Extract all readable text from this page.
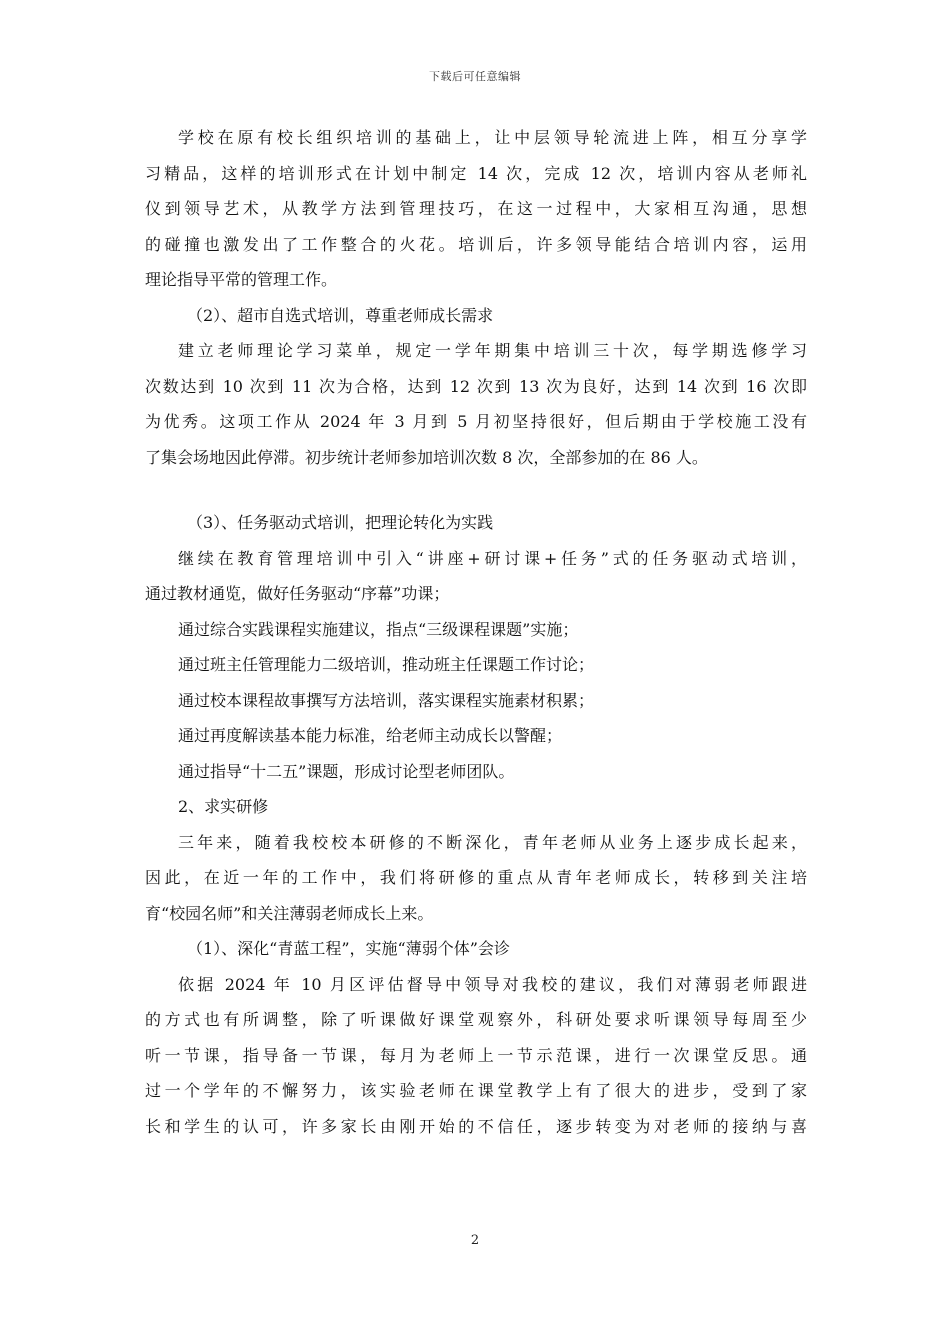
下载后可任意编辑
学校在原有校长组织培训的基础上，让中层领导轮流进上阵，相互分享学
习精品，这样的培训形式在计划中制定 14 次，完成 12 次，培训内容从老师礼
仪到领导艺术，从教学方法到管理技巧，在这一过程中，大家相互沟通，思想
的碰撞也激发出了工作整合的火花。培训后，许多领导能结合培训内容，运用
理论指导平常的管理工作。
（2）、超市自选式培训，尊重老师成长需求
建立老师理论学习菜单，规定一学年期集中培训三十次，每学期选修学习
次数达到 10 次到 11 次为合格，达到 12 次到 13 次为良好，达到 14 次到 16 次即
为优秀。这项工作从 2024 年 3 月到 5 月初坚持很好，但后期由于学校施工没有
了集会场地因此停滞。初步统计老师参加培训次数 8 次，全部参加的在 86 人。
（3）、任务驱动式培训，把理论转化为实践
继续在教育管理培训中引入“讲座+研讨课+任务”式的任务驱动式培训，
通过教材通览，做好任务驱动“序幕”功课；
通过综合实践课程实施建议，指点“三级课程课题”实施；
通过班主任管理能力二级培训，推动班主任课题工作讨论；
通过校本课程故事撰写方法培训，落实课程实施素材积累；
通过再度解读基本能力标准，给老师主动成长以警醒；
通过指导“十二五”课题，形成讨论型老师团队。
2、求实研修
三年来，随着我校校本研修的不断深化，青年老师从业务上逐步成长起来，
因此，在近一年的工作中，我们将研修的重点从青年老师成长，转移到关注培
育“校园名师”和关注薄弱老师成长上来。
（1）、深化“青蓝工程”，实施“薄弱个体”会诊
依据 2024 年 10 月区评估督导中领导对我校的建议，我们对薄弱老师跟进
的方式也有所调整，除了听课做好课堂观察外，科研处要求听课领导每周至少
听一节课，指导备一节课，每月为老师上一节示范课，进行一次课堂反思。通
过一个学年的不懈努力，该实验老师在课堂教学上有了很大的进步，受到了家
长和学生的认可，许多家长由刚开始的不信任，逐步转变为对老师的接纳与喜
2
